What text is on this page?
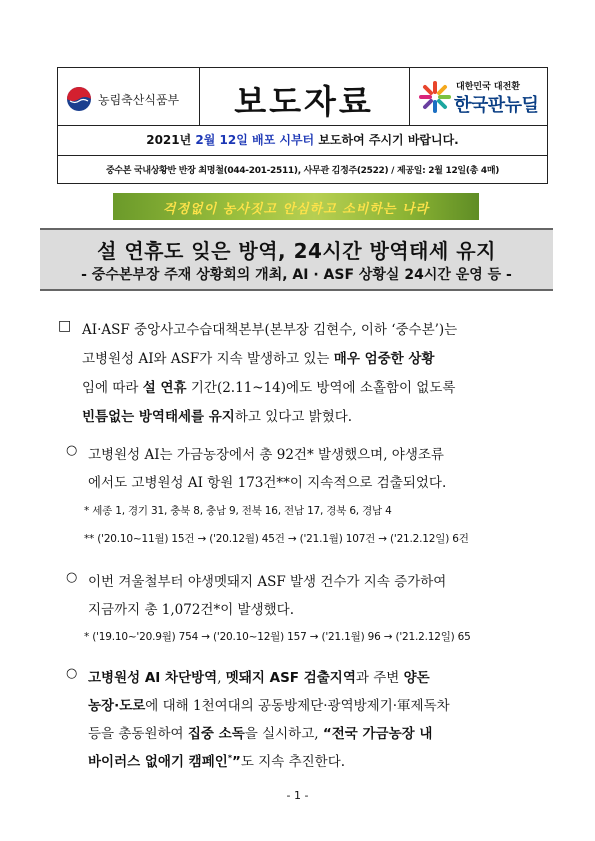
농림축산식품부	보도자료	대한민국 대전환
한국판뉴딜
2021년 2월 12일 배포 시부터 보도하여 주시기 바랍니다.
중수본 국내상황반 반장 최명철(044-201-2511), 사무관 김정주(2522) / 제공일: 2월 12일(총 4매)
걱정없이 농사짓고 안심하고 소비하는 나라
설 연휴도 잊은 방역, 24시간 방역태세 유지
- 중수본부장 주재 상황회의 개최, AI · ASF 상황실 24시간 운영 등 -
□ AI·ASF 중앙사고수습대책본부(본부장 김현수, 이하 ‘중수본’)는
고병원성 AI와 ASF가 지속 발생하고 있는 매우 엄중한 상황
임에 따라 설 연휴 기간(2.11~14)에도 방역에 소홀함이 없도록
빈틈없는 방역태세를 유지하고 있다고 밝혔다.
○ 고병원성 AI는 가금농장에서 총 92건* 발생했으며, 야생조류
에서도 고병원성 AI 항원 173건**이 지속적으로 검출되었다.
* 세종 1, 경기 31, 충북 8, 충남 9, 전북 16, 전남 17, 경북 6, 경남 4
** ('20.10~11월) 15건 → ('20.12월) 45건 → ('21.1월) 107건 → ('21.2.12일) 6건
○ 이번 겨울철부터 야생멧돼지 ASF 발생 건수가 지속 증가하여
지금까지 총 1,072건*이 발생했다.
* ('19.10~'20.9월) 754 → ('20.10~12월) 157 → ('21.1월) 96 → ('21.2.12일) 65
○ 고병원성 AI 차단방역, 멧돼지 ASF 검출지역과 주변 양돈
농장·도로에 대해 1천여대의 공동방제단·광역방제기·軍제독차
등을 총동원하여 집중 소독을 실시하고, “전국 가금농장 내
바이러스 없애기 캠페인*”도 지속 추진한다.
- 1 -
